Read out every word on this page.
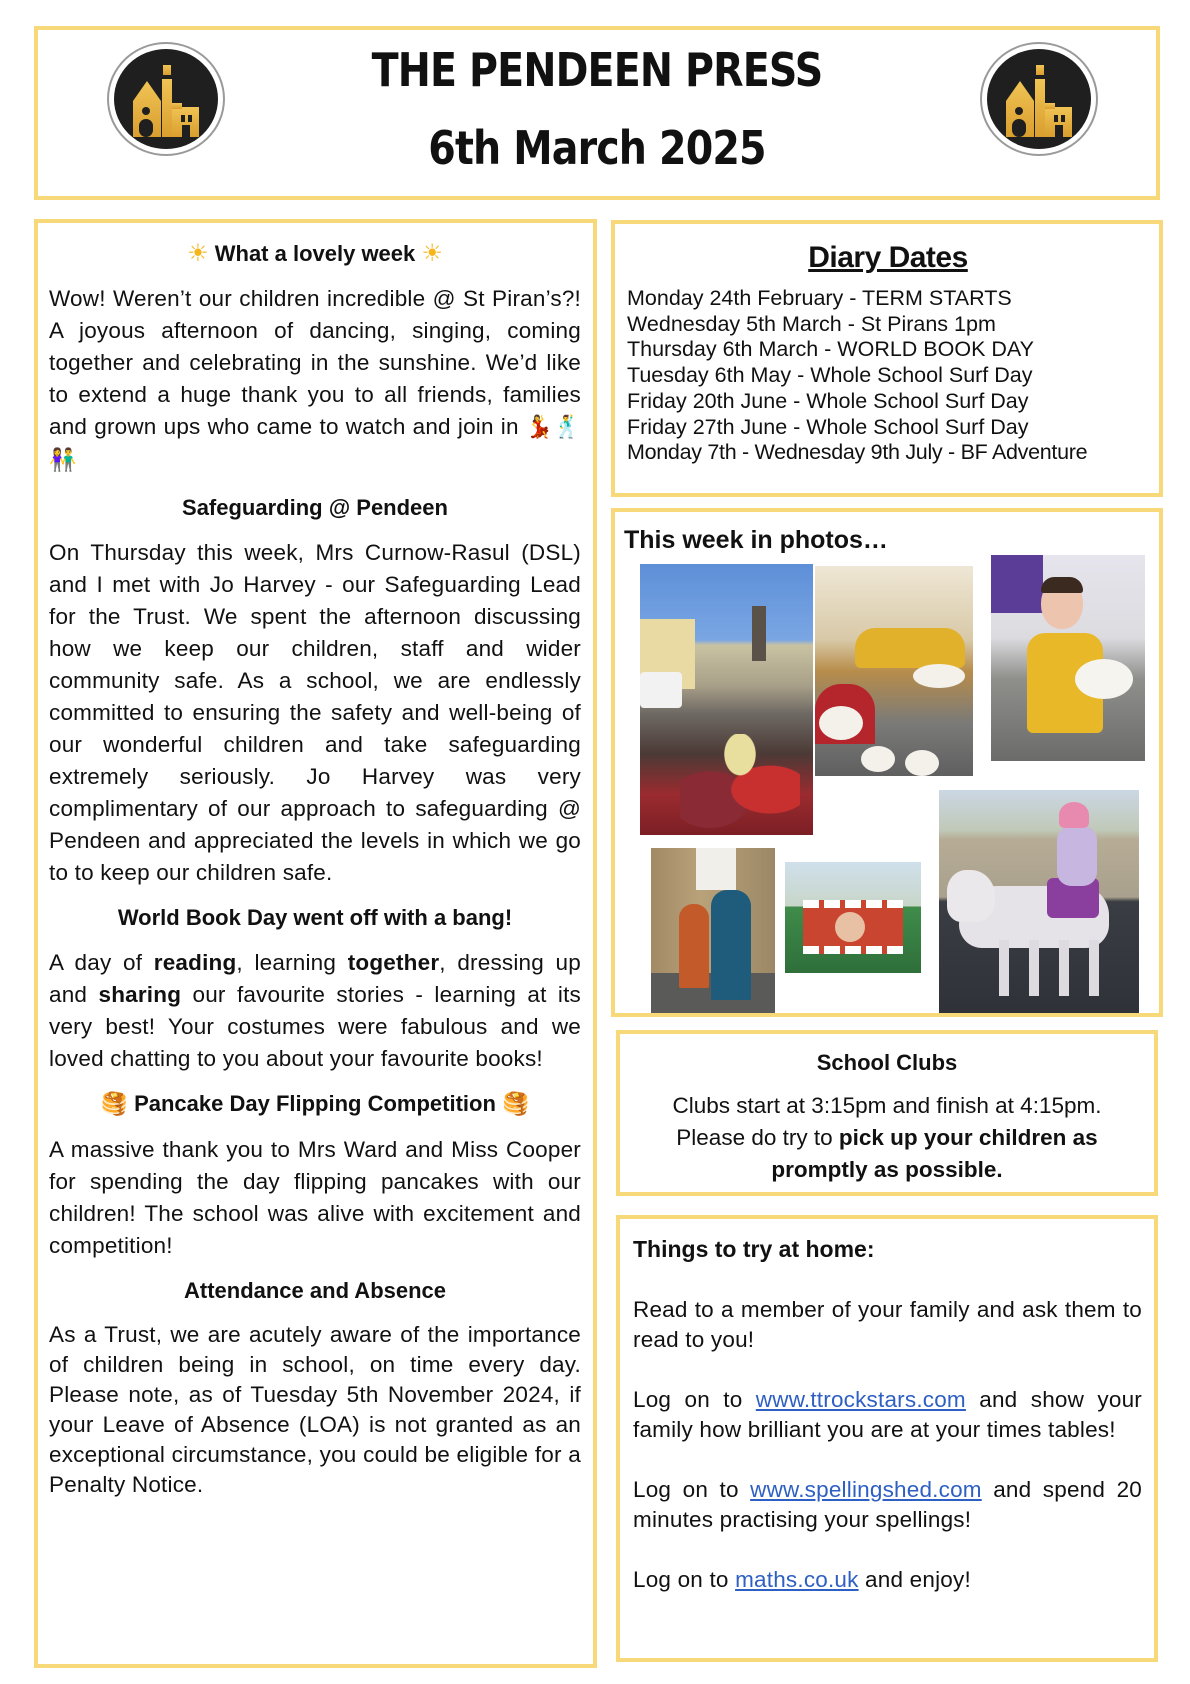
THE PENDEEN PRESS
6th March 2025
☀ What a lovely week ☀

Wow! Weren’t our children incredible @ St Piran’s?! A joyous afternoon of dancing, singing, coming together and celebrating in the sunshine. We’d like to extend a huge thank you to all friends, families and grown ups who came to watch and join in 💃🕺👫

Safeguarding @ Pendeen

On Thursday this week, Mrs Curnow-Rasul (DSL) and I met with Jo Harvey - our Safeguarding Lead for the Trust. We spent the afternoon discussing how we keep our children, staff and wider community safe. As a school, we are endlessly committed to ensuring the safety and well-being of our wonderful children and take safeguarding extremely seriously. Jo Harvey was very complimentary of our approach to safeguarding @ Pendeen and appreciated the levels in which we go to to keep our children safe.

World Book Day went off with a bang!

A day of reading, learning together, dressing up and sharing our favourite stories - learning at its very best! Your costumes were fabulous and we loved chatting to you about your favourite books!

🥞 Pancake Day Flipping Competition 🥞

A massive thank you to Mrs Ward and Miss Cooper for spending the day flipping pancakes with our children! The school was alive with excitement and competition!

Attendance and Absence

As a Trust, we are acutely aware of the importance of children being in school, on time every day. Please note, as of Tuesday 5th November 2024, if your Leave of Absence (LOA) is not granted as an exceptional circumstance, you could be eligible for a Penalty Notice.

Diary Dates
Monday 24th February - TERM STARTS
Wednesday 5th March - St Pirans 1pm
Thursday 6th March - WORLD BOOK DAY
Tuesday 6th May - Whole School Surf Day
Friday 20th June - Whole School Surf Day
Friday 27th June - Whole School Surf Day
Monday 7th - Wednesday 9th July - BF Adventure
This week in photos…
School Clubs
Clubs start at 3:15pm and finish at 4:15pm.
Please do try to pick up your children as promptly as possible.
Things to try at home:

Read to a member of your family and ask them to read to you!

Log on to www.ttrockstars.com and show your family how brilliant you are at your times tables!

Log on to www.spellingshed.com and spend 20 minutes practising your spellings!

Log on to maths.co.uk and enjoy!
